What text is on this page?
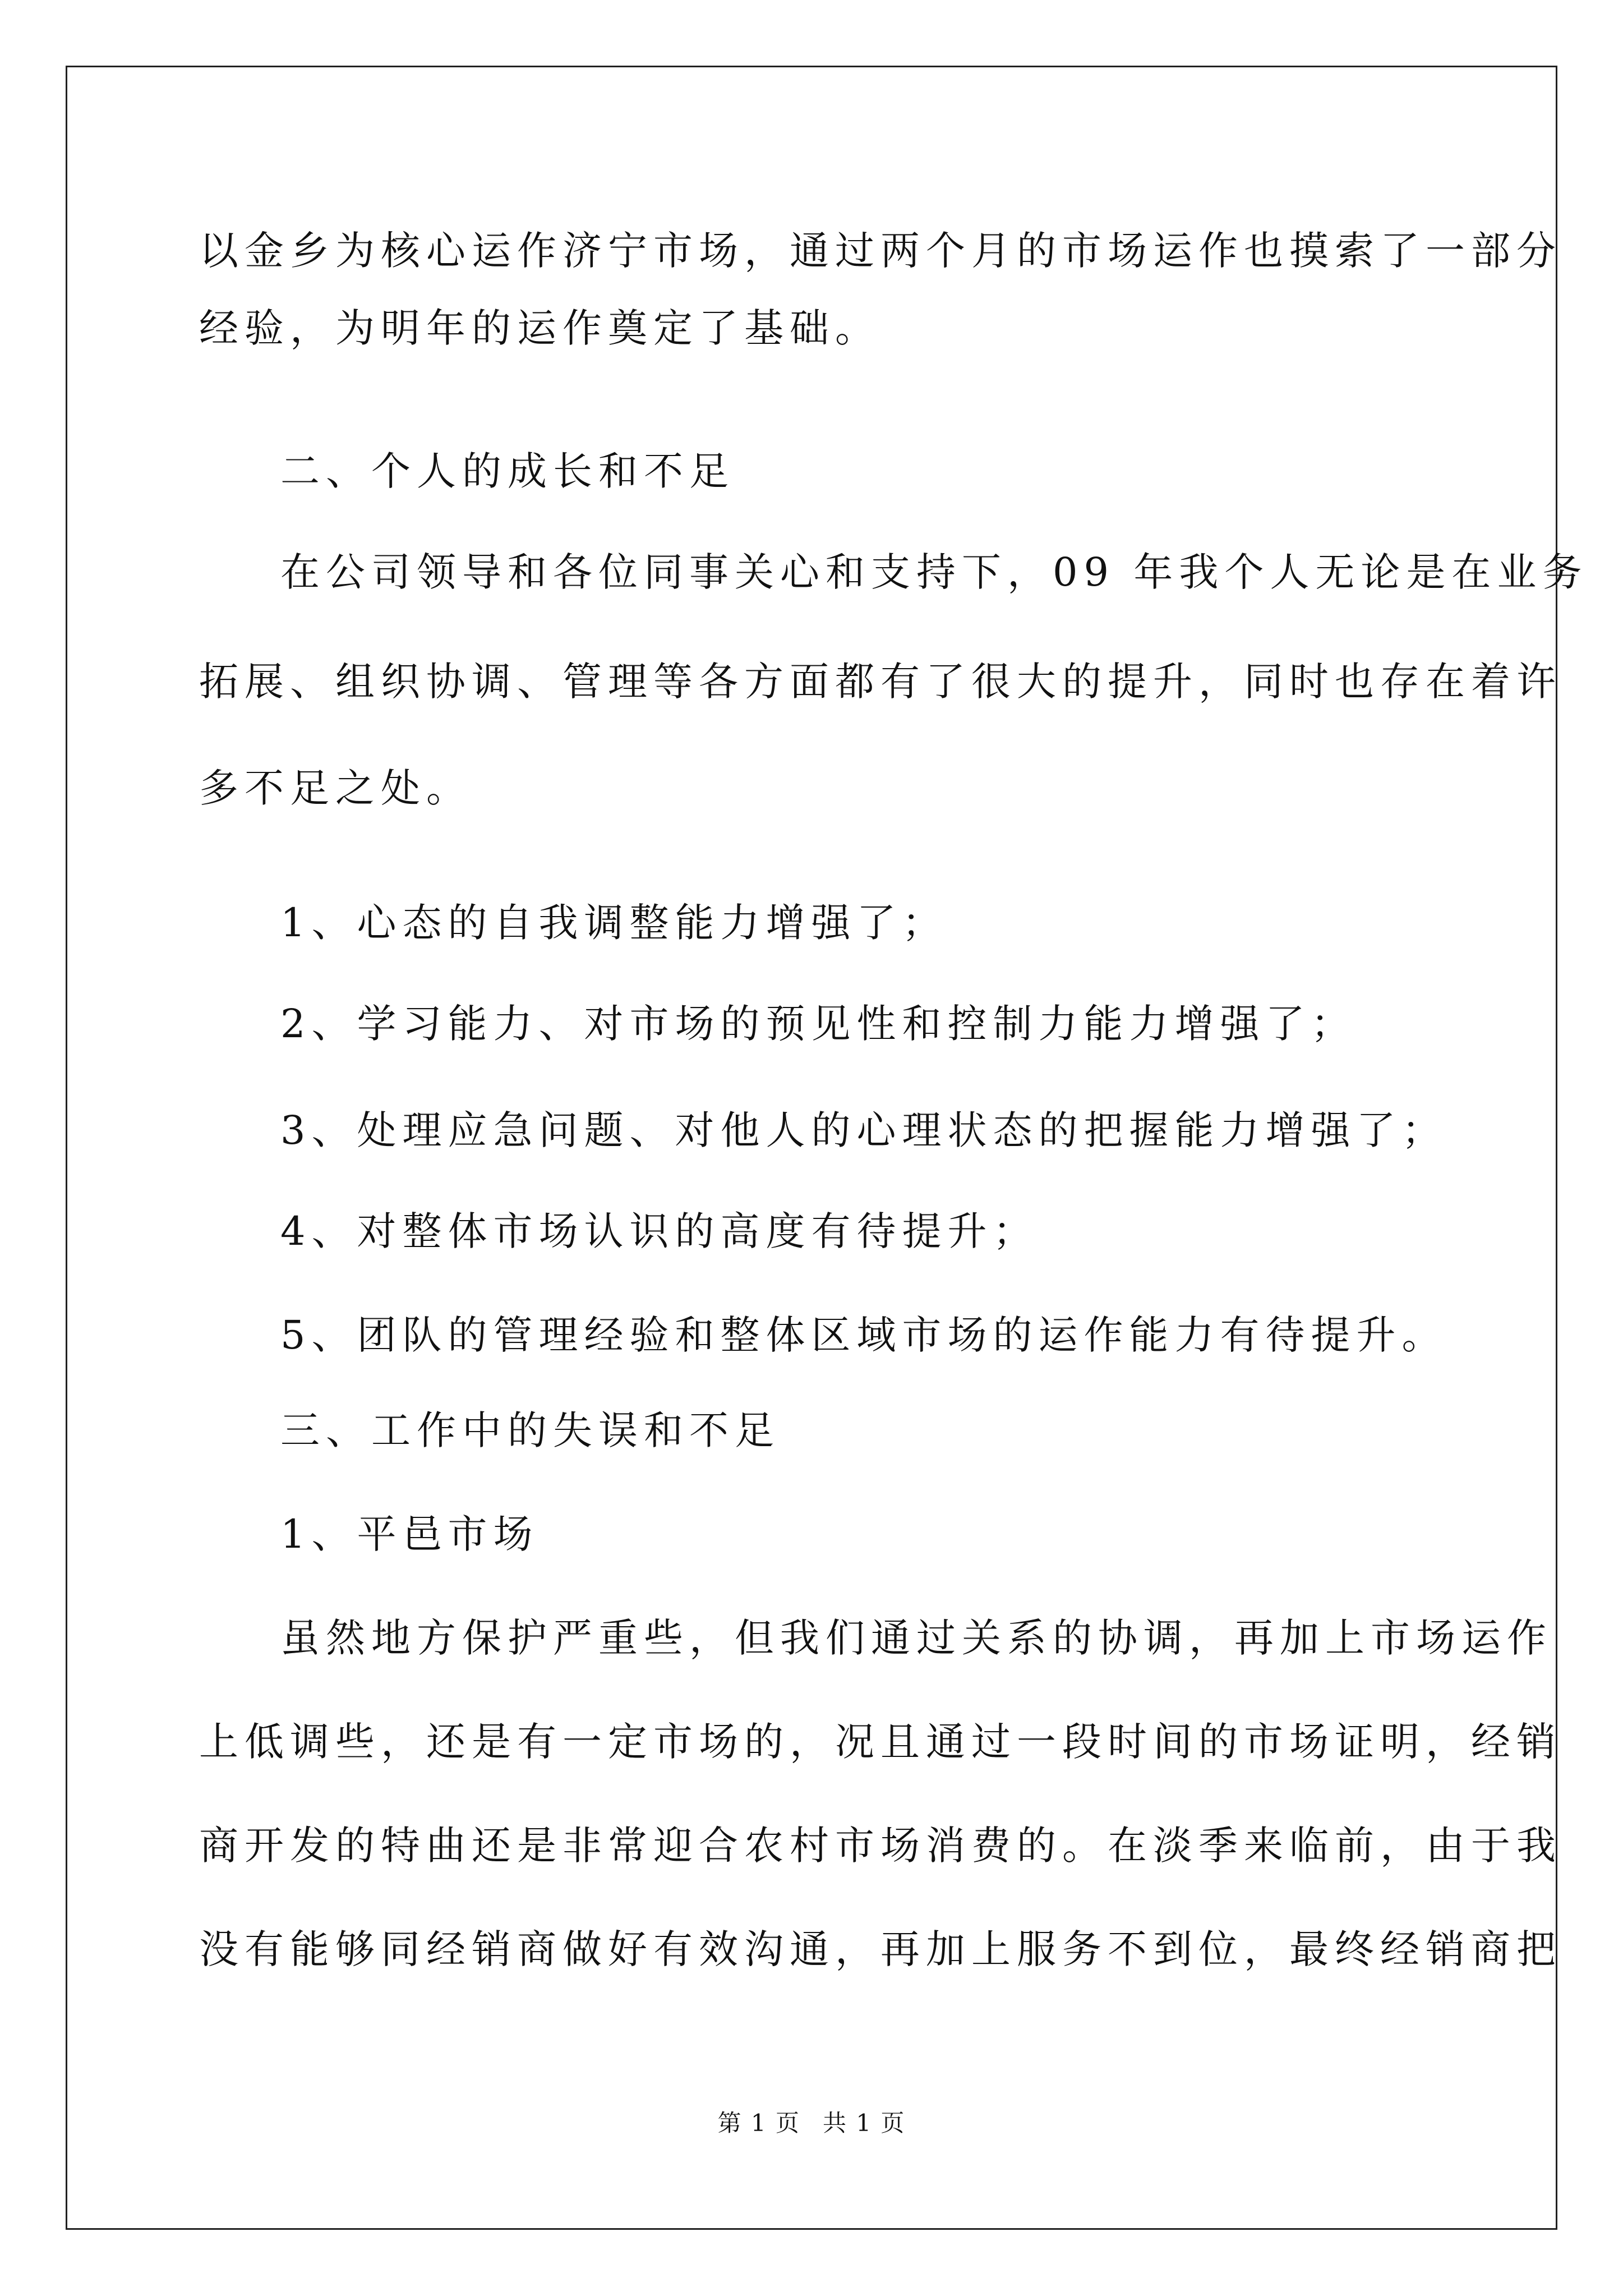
以金乡为核心运作济宁市场，通过两个月的市场运作也摸索了一部分
经验，为明年的运作奠定了基础。
二、个人的成长和不足
在公司领导和各位同事关心和支持下，09 年我个人无论是在业务
拓展、组织协调、管理等各方面都有了很大的提升，同时也存在着许
多不足之处。
1、心态的自我调整能力增强了；
2、学习能力、对市场的预见性和控制力能力增强了；
3、处理应急问题、对他人的心理状态的把握能力增强了；
4、对整体市场认识的高度有待提升；
5、团队的管理经验和整体区域市场的运作能力有待提升。
三、工作中的失误和不足
1、平邑市场
虽然地方保护严重些，但我们通过关系的协调，再加上市场运作
上低调些，还是有一定市场的，况且通过一段时间的市场证明，经销
商开发的特曲还是非常迎合农村市场消费的。在淡季来临前，由于我
没有能够同经销商做好有效沟通，再加上服务不到位，最终经销商把
第 1 页 共 1 页
